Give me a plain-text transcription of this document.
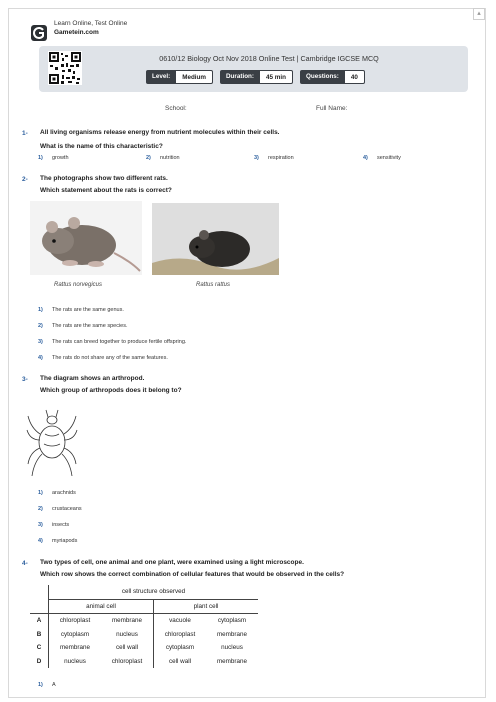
▴
Learn Online, Test Online
Gametein.com
0610/12 Biology Oct Nov 2018 Online Test | Cambridge IGCSE MCQ
Level:	Medium	Duration:	45 min	Questions:	40
School:	Full Name:
1- All living organisms release energy from nutrient molecules within their cells.
What is the name of this characteristic?
1) growth	2) nutrition	3) respiration	4) sensitivity
2- The photographs show two different rats.
Which statement about the rats is correct?
Rattus norvegicus	Rattus rattus
1) The rats are the same genus.
2) The rats are the same species.
3) The rats can breed together to produce fertile offspring.
4) The rats do not share any of the same features.
3- The diagram shows an arthropod.
Which group of arthropods does it belong to?
1) arachnids
2) crustaceans
3) insects
4) myriapods
4- Two types of cell, one animal and one plant, were examined using a light microscope.
Which row shows the correct combination of cellular features that would be observed in the cells?
	cell structure observed			
	animal cell		plant cell	
A	chloroplast	membrane	vacuole	cytoplasm
B	cytoplasm	nucleus	chloroplast	membrane
C	membrane	cell wall	cytoplasm	nucleus
D	nucleus	chloroplast	cell wall	membrane
1) A
